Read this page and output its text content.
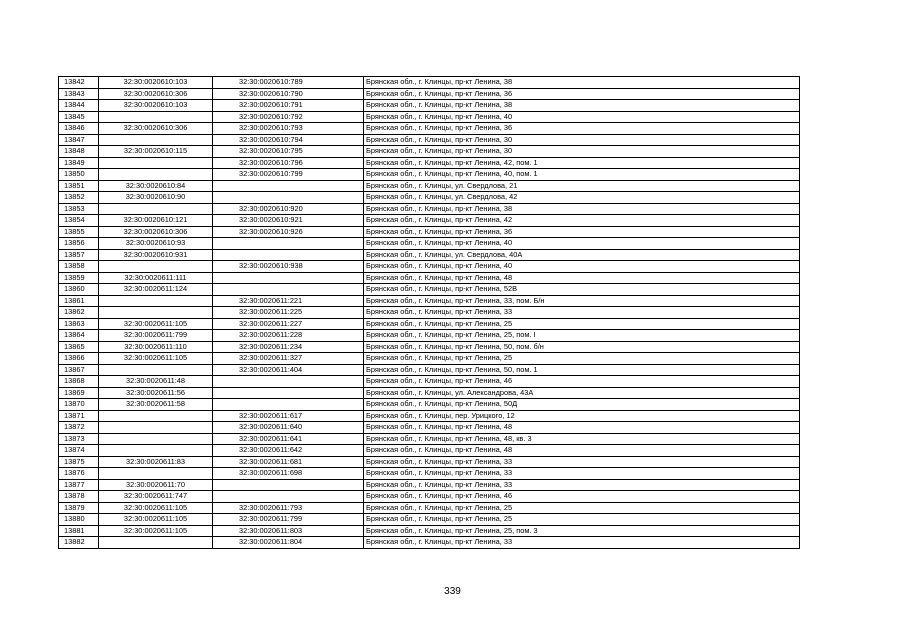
13842	32:30:0020610:103	32:30:0020610:789	Брянская обл., г. Клинцы, пр-кт Ленина, 38
13843	32:30:0020610:306	32:30:0020610:790	Брянская обл., г. Клинцы, пр-кт Ленина, 36
13844	32:30:0020610:103	32:30:0020610:791	Брянская обл., г. Клинцы, пр-кт Ленина, 38
13845		32:30:0020610:792	Брянская обл., г. Клинцы, пр-кт Ленина, 40
13846	32:30:0020610:306	32:30:0020610:793	Брянская обл., г. Клинцы, пр-кт Ленина, 36
13847		32:30:0020610:794	Брянская обл., г. Клинцы, пр-кт Ленина, 30
13848	32:30:0020610:115	32:30:0020610:795	Брянская обл., г. Клинцы, пр-кт Ленина, 30
13849		32:30:0020610:796	Брянская обл., г. Клинцы, пр-кт Ленина, 42, пом. 1
13850		32:30:0020610:799	Брянская обл., г. Клинцы, пр-кт Ленина, 40, пом. 1
13851	32:30:0020610:84		Брянская обл., г. Клинцы, ул. Свердлова, 21
13852	32:30:0020610:90		Брянская обл., г. Клинцы, ул. Свердлова, 42
13853		32:30:0020610:920	Брянская обл., г. Клинцы, пр-кт Ленина, 38
13854	32:30:0020610:121	32:30:0020610:921	Брянская обл., г. Клинцы, пр-кт Ленина, 42
13855	32:30:0020610:306	32:30:0020610:926	Брянская обл., г. Клинцы, пр-кт Ленина, 36
13856	32:30:0020610:93		Брянская обл., г. Клинцы, пр-кт Ленина, 40
13857	32:30:0020610:931		Брянская обл., г. Клинцы, ул. Свердлова, 40А
13858		32:30:0020610:938	Брянская обл., г. Клинцы, пр-кт Ленина, 40
13859	32:30:0020611:111		Брянская обл., г. Клинцы, пр-кт Ленина, 48
13860	32:30:0020611:124		Брянская обл., г. Клинцы, пр-кт Ленина, 52В
13861		32:30:0020611:221	Брянская обл., г. Клинцы, пр-кт Ленина, 33, пом. Б/н
13862		32:30:0020611:225	Брянская обл., г. Клинцы, пр-кт Ленина, 33
13863	32:30:0020611:105	32:30:0020611:227	Брянская обл., г. Клинцы, пр-кт Ленина, 25
13864	32:30:0020611:799	32:30:0020611:228	Брянская обл., г. Клинцы, пр-кт Ленина, 25, пом. I
13865	32:30:0020611:110	32:30:0020611:234	Брянская обл., г. Клинцы, пр-кт Ленина, 50, пом. б/н
13866	32:30:0020611:105	32:30:0020611:327	Брянская обл., г. Клинцы, пр-кт Ленина, 25
13867		32:30:0020611:404	Брянская обл., г. Клинцы, пр-кт Ленина, 50, пом. 1
13868	32:30:0020611:48		Брянская обл., г. Клинцы, пр-кт Ленина, 46
13869	32:30:0020611:56		Брянская обл., г. Клинцы, ул. Александрова, 43А
13870	32:30:0020611:58		Брянская обл., г. Клинцы, пр-кт Ленина, 50Д
13871		32:30:0020611:617	Брянская обл., г. Клинцы, пер. Урицкого, 12
13872		32:30:0020611:640	Брянская обл., г. Клинцы, пр-кт Ленина, 48
13873		32:30:0020611:641	Брянская обл., г. Клинцы, пр-кт Ленина, 48, кв. 3
13874		32:30:0020611:642	Брянская обл., г. Клинцы, пр-кт Ленина, 48
13875	32:30:0020611:83	32:30:0020611:681	Брянская обл., г. Клинцы, пр-кт Ленина, 33
13876		32:30:0020611:698	Брянская обл., г. Клинцы, пр-кт Ленина, 33
13877	32:30:0020611:70		Брянская обл., г. Клинцы, пр-кт Ленина, 33
13878	32:30:0020611:747		Брянская обл., г. Клинцы, пр-кт Ленина, 46
13879	32:30:0020611:105	32:30:0020611:793	Брянская обл., г. Клинцы, пр-кт Ленина, 25
13880	32:30:0020611:105	32:30:0020611:799	Брянская обл., г. Клинцы, пр-кт Ленина, 25
13881	32:30:0020611:105	32:30:0020611:803	Брянская обл., г. Клинцы, пр-кт Ленина, 25, пом. 3
13882		32:30:0020611:804	Брянская обл., г. Клинцы, пр-кт Ленина, 33
339
